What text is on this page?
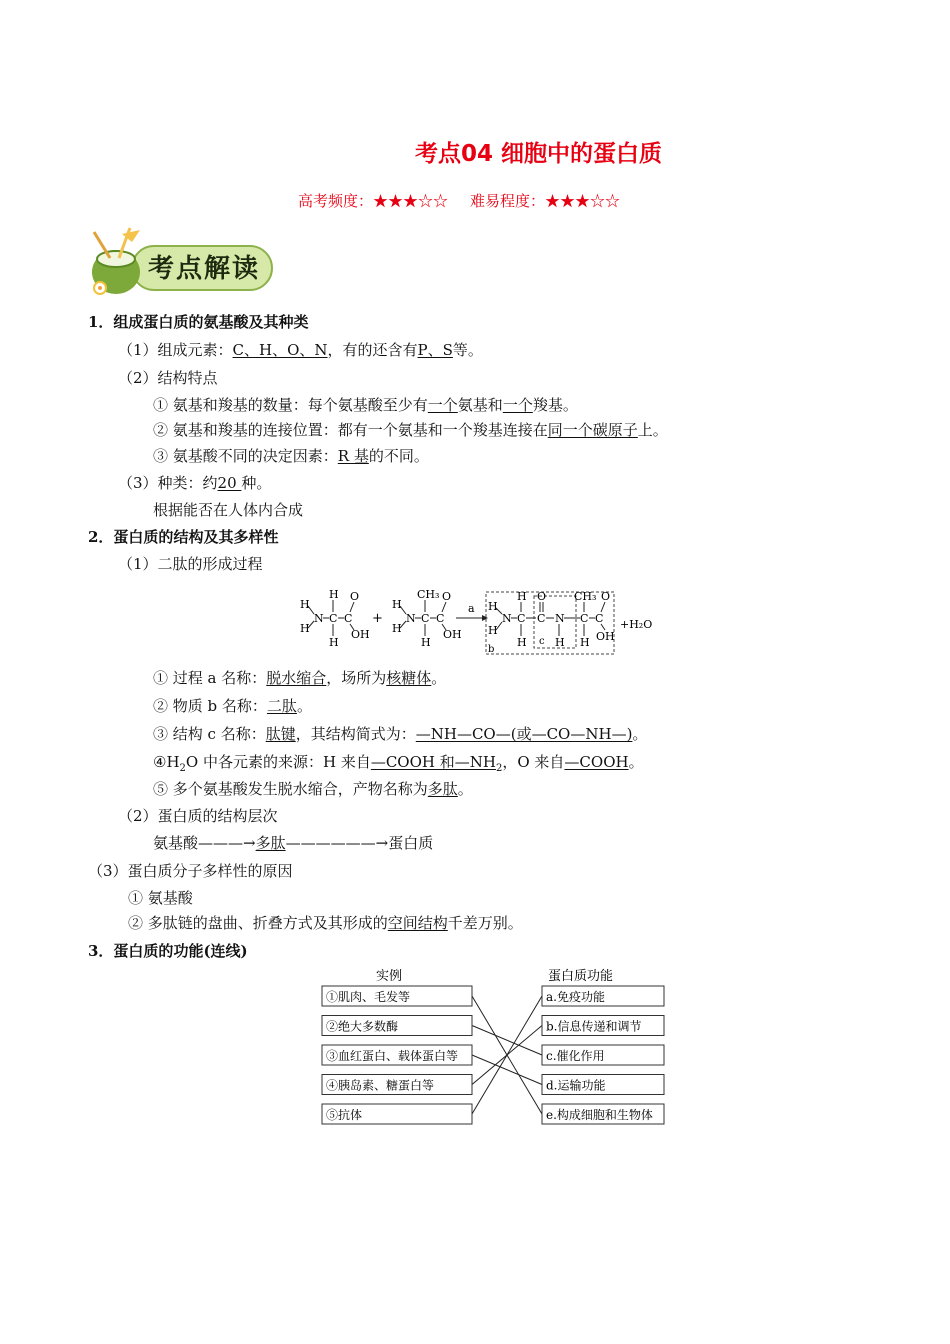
考点04 细胞中的蛋白质
高考频度：★★★☆☆ 难易程度：★★★☆☆
考点解读
1．组成蛋白质的氨基酸及其种类
（1）组成元素：C、H、O、N，有的还含有P、S等。
（2）结构特点
① 氨基和羧基的数量：每个氨基酸至少有一个氨基和一个羧基。
② 氨基和羧基的连接位置：都有一个氨基和一个羧基连接在同一个碳原子上。
③ 氨基酸不同的决定因素：R 基的不同。
（3）种类：约20 种。
根据能否在人体内合成
2．蛋白质的结构及其多样性
（1）二肽的形成过程
H
H
N C
H
H
C
O
OH
+
H
H
N C
CH₃
H
C
O
OH
a H
H
N C
H
H
C
O
N
H
c
C
CH₃
H
C
O
OH
b
+H₂O
① 过程 a 名称：脱水缩合，场所为核糖体。
② 物质 b 名称：二肽。
③ 结构 c 名称：肽键，其结构简式为：—NH—CO—(或—CO—NH—)。
$④H_2O$ 中各元素的来源：H 来自—COOH 和$—NH_2$，O 来自—COOH。
⑤ 多个氨基酸发生脱水缩合，产物名称为多肽。
（2）蛋白质的结构层次
氨基酸———→多肽——————→蛋白质
（3）蛋白质分子多样性的原因
① 氨基酸
② 多肽链的盘曲、折叠方式及其形成的空间结构千差万别。
3．蛋白质的功能(连线)
实例	蛋白质功能
①肌肉、毛发等
②绝大多数酶
③血红蛋白、载体蛋白等
④胰岛素、糖蛋白等
⑤抗体
a.免疫功能
b.信息传递和调节
c.催化作用
d.运输功能
e.构成细胞和生物体
